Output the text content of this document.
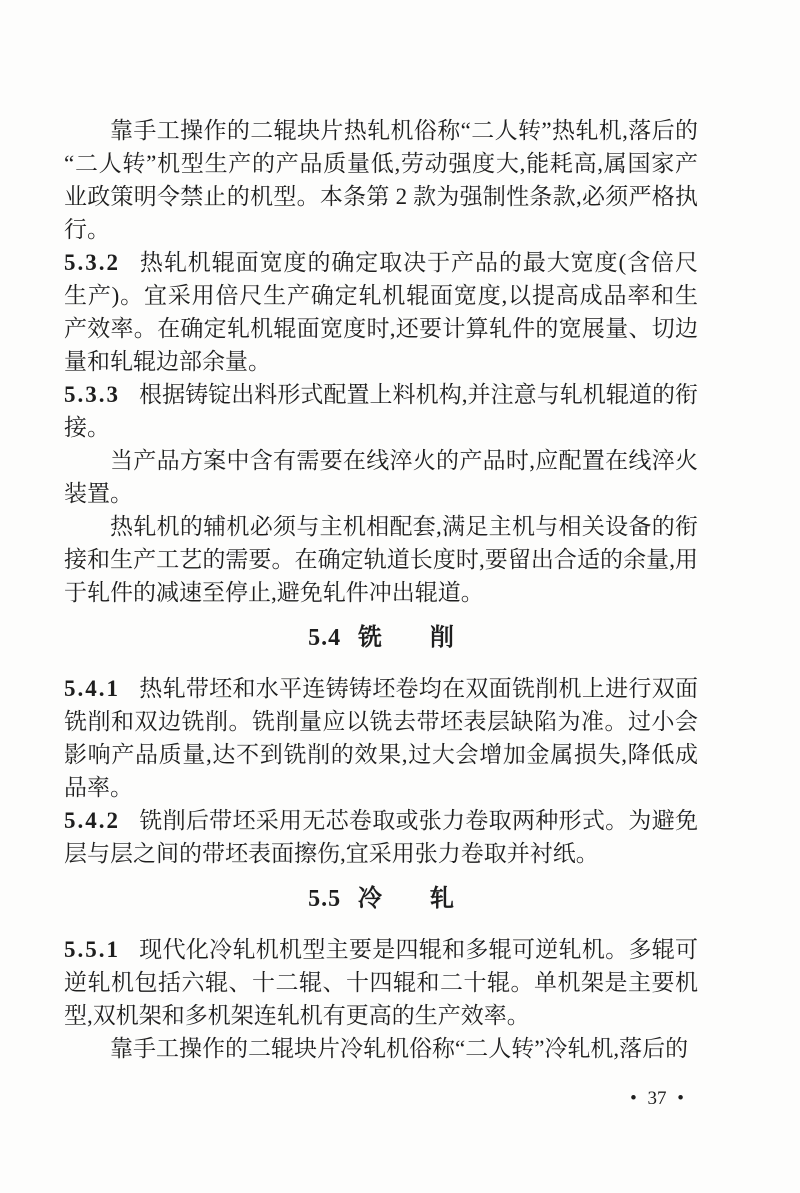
靠手工操作的二辊块片热轧机俗称“二人转”热轧机,落后的“二人转”机型生产的产品质量低,劳动强度大,能耗高,属国家产业政策明令禁止的机型。本条第 2 款为强制性条款,必须严格执行。

5.3.2 热轧机辊面宽度的确定取决于产品的最大宽度(含倍尺生产)。宜采用倍尺生产确定轧机辊面宽度,以提高成品率和生产效率。在确定轧机辊面宽度时,还要计算轧件的宽展量、切边量和轧辊边部余量。

5.3.3 根据铸锭出料形式配置上料机构,并注意与轧机辊道的衔接。

当产品方案中含有需要在线淬火的产品时,应配置在线淬火装置。

热轧机的辅机必须与主机相配套,满足主机与相关设备的衔接和生产工艺的需要。在确定轨道长度时,要留出合适的余量,用于轧件的减速至停止,避免轧件冲出辊道。

5.4 铣　　削

5.4.1 热轧带坯和水平连铸铸坯卷均在双面铣削机上进行双面铣削和双边铣削。铣削量应以铣去带坯表层缺陷为准。过小会影响产品质量,达不到铣削的效果,过大会增加金属损失,降低成品率。

5.4.2 铣削后带坯采用无芯卷取或张力卷取两种形式。为避免层与层之间的带坯表面擦伤,宜采用张力卷取并衬纸。

5.5 冷　　轧

5.5.1 现代化冷轧机机型主要是四辊和多辊可逆轧机。多辊可逆轧机包括六辊、十二辊、十四辊和二十辊。单机架是主要机型,双机架和多机架连轧机有更高的生产效率。

靠手工操作的二辊块片冷轧机俗称“二人转”冷轧机,落后的

• 37 •
